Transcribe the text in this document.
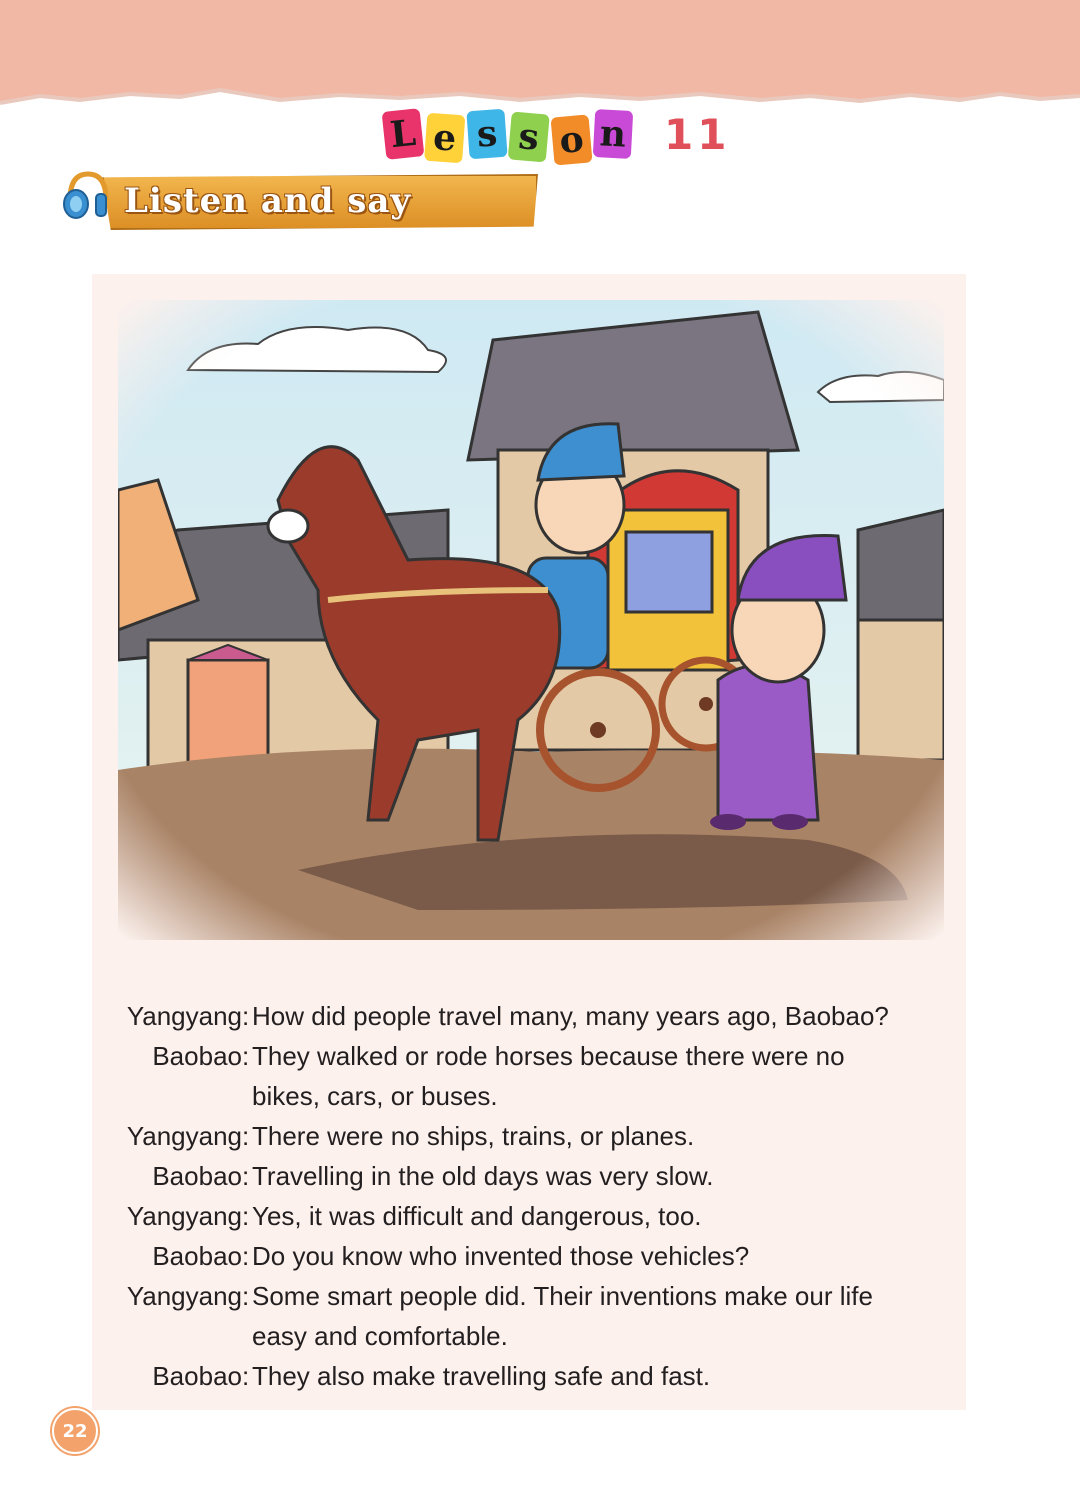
L e s s o n 11
Listen and say
Yangyang : How did people travel many, many years ago, Baobao?
Baobao : They walked or rode horses because there were no
bikes, cars, or buses.
Yangyang : There were no ships, trains, or planes.
Baobao : Travelling in the old days was very slow.
Yangyang : Yes, it was difficult and dangerous, too.
Baobao : Do you know who invented those vehicles?
Yangyang : Some smart people did. Their inventions make our life
easy and comfortable.
Baobao : They also make travelling safe and fast.
22
